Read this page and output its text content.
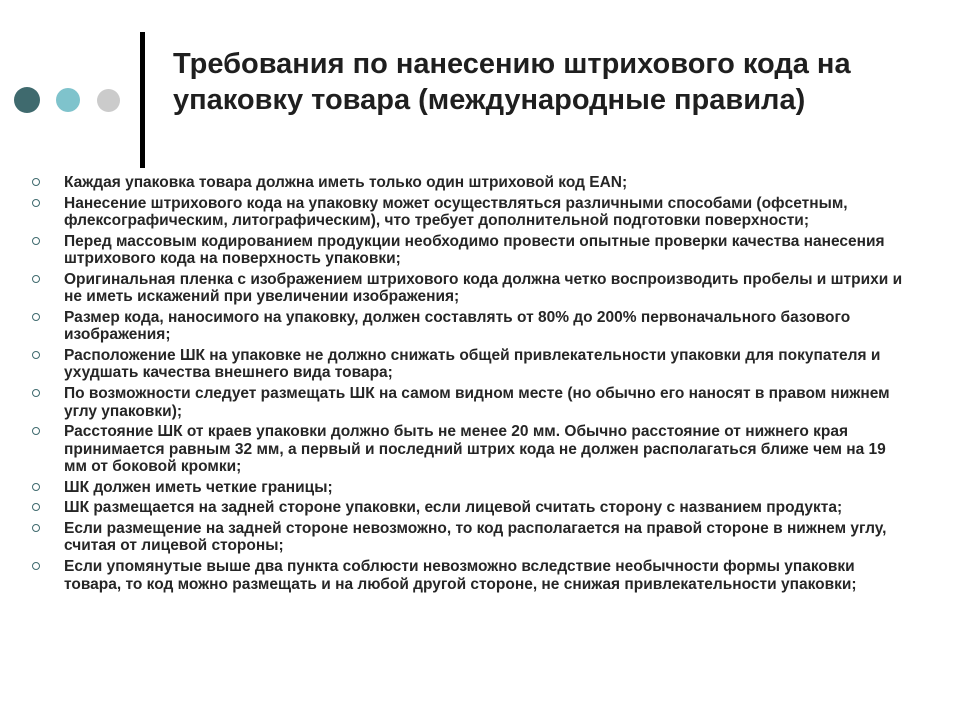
Требования по нанесению штрихового кода на упаковку товара (международные правила)
Каждая упаковка товара должна иметь только один штриховой код EAN;
Нанесение штрихового кода на упаковку может осуществляться различными способами (офсетным, флексографическим, литографическим), что требует дополнительной подготовки поверхности;
Перед массовым кодированием продукции необходимо провести опытные проверки качества нанесения штрихового кода на поверхность упаковки;
Оригинальная пленка с изображением штрихового кода должна четко воспроизводить пробелы и штрихи и не иметь искажений при увеличении изображения;
Размер кода, наносимого на упаковку, должен составлять от 80% до 200% первоначального базового изображения;
Расположение ШК на упаковке не должно снижать общей привлекательности упаковки для покупателя и ухудшать качества внешнего вида товара;
По возможности следует размещать ШК на самом видном месте (но обычно его наносят в правом нижнем углу упаковки);
Расстояние ШК от краев упаковки должно быть не менее 20 мм. Обычно расстояние от нижнего края принимается равным 32 мм, а первый и последний штрих кода не должен располагаться ближе чем на 19 мм от боковой кромки;
ШК должен иметь четкие границы;
ШК размещается на задней стороне упаковки, если лицевой считать сторону с названием продукта;
Если размещение на задней стороне невозможно, то код располагается на правой стороне в нижнем углу, считая от лицевой стороны;
Если упомянутые выше два пункта соблюсти невозможно вследствие необычности формы упаковки товара, то код можно размещать и на любой другой стороне, не снижая привлекательности упаковки;
